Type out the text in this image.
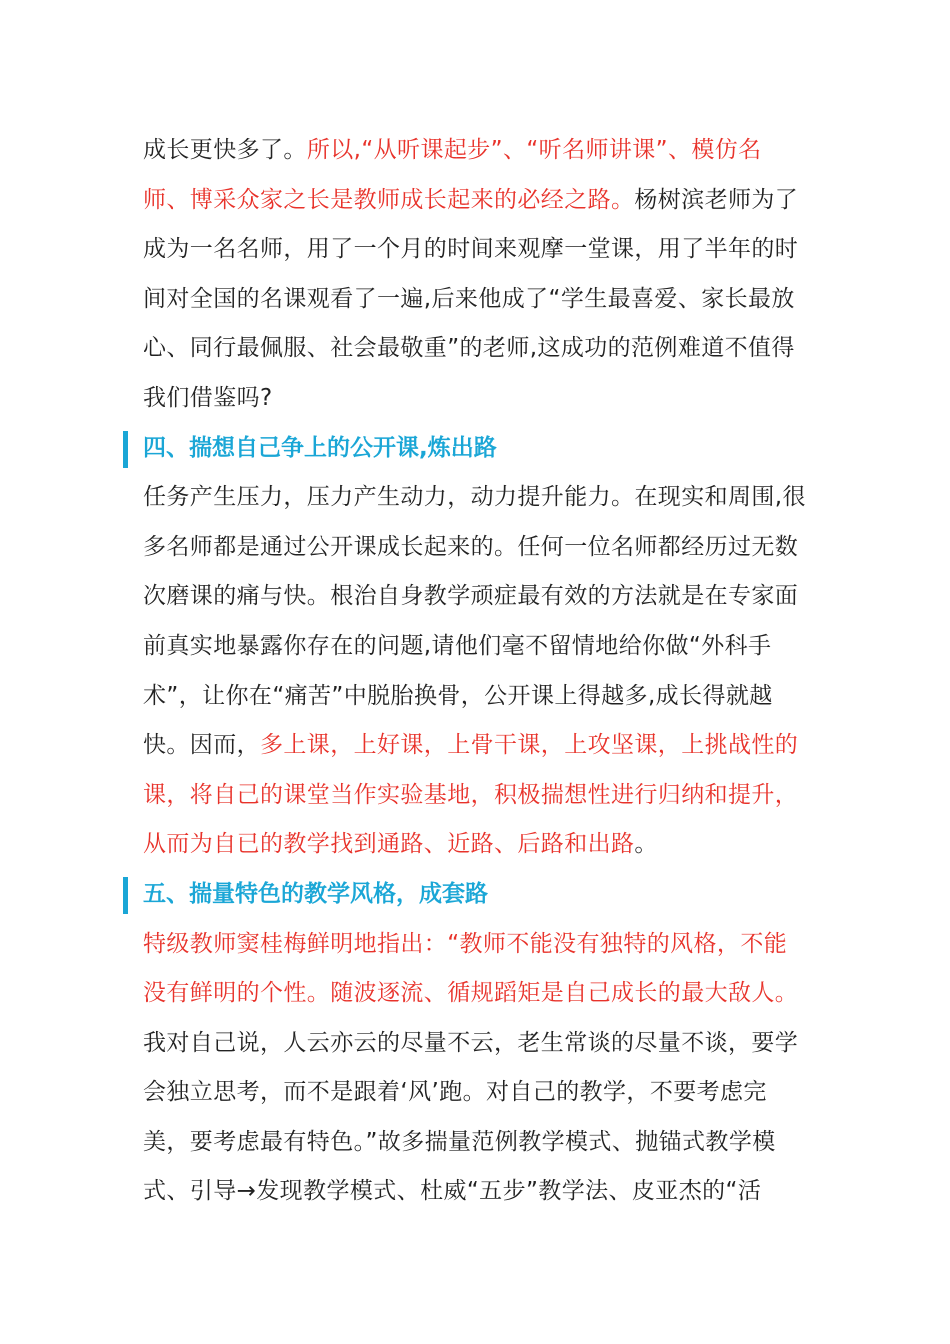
成长更快多了。所以,“从听课起步”、“听名师讲课”、模仿名
师、博采众家之长是教师成长起来的必经之路。杨树滨老师为了
成为一名名师，用了一个月的时间来观摩一堂课，用了半年的时
间对全国的名课观看了一遍,后来他成了“学生最喜爱、家长最放
心、同行最佩服、社会最敬重”的老师,这成功的范例难道不值得
我们借鉴吗?
四、揣想自己争上的公开课,炼出路
任务产生压力，压力产生动力，动力提升能力。在现实和周围,很
多名师都是通过公开课成长起来的。任何一位名师都经历过无数
次磨课的痛与快。根治自身教学顽症最有效的方法就是在专家面
前真实地暴露你存在的问题,请他们毫不留情地给你做“外科手
术”，让你在“痛苦”中脱胎换骨，公开课上得越多,成长得就越
快。因而，多上课，上好课，上骨干课，上攻坚课，上挑战性的
课，将自己的课堂当作实验基地，积极揣想性进行归纳和提升，
从而为自已的教学找到通路、近路、后路和出路。
五、揣量特色的教学风格，成套路
特级教师窦桂梅鲜明地指出：“教师不能没有独特的风格，不能
没有鲜明的个性。随波逐流、循规蹈矩是自己成长的最大敌人。
我对自己说，人云亦云的尽量不云，老生常谈的尽量不谈，要学
会独立思考，而不是跟着‘风’跑。对自己的教学，不要考虑完
美，要考虑最有特色。”故多揣量范例教学模式、抛锚式教学模
式、引导→发现教学模式、杜威“五步”教学法、皮亚杰的“活
